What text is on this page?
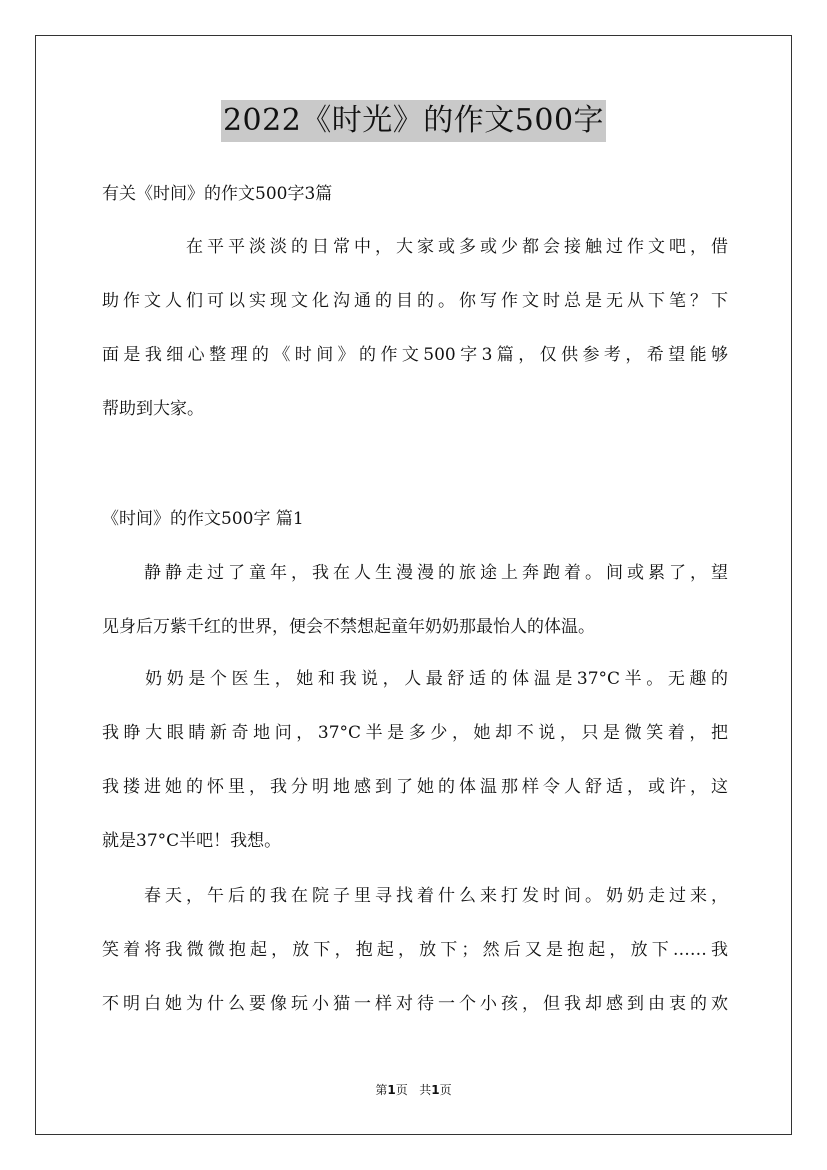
2022《时光》的作文500字
有关《时间》的作文500字3篇
　　　　在平平淡淡的日常中，大家或多或少都会接触过作文吧，借
助作文人们可以实现文化沟通的目的。你写作文时总是无从下笔？下
面是我细心整理的《时间》的作文500字3篇，仅供参考，希望能够
帮助到大家。
《时间》的作文500字 篇1
　　静静走过了童年，我在人生漫漫的旅途上奔跑着。间或累了，望
见身后万紫千红的世界，便会不禁想起童年奶奶那最怡人的体温。
　　奶奶是个医生，她和我说，人最舒适的体温是37°C半。无趣的
我睁大眼睛新奇地问，37°C半是多少，她却不说，只是微笑着，把
我搂进她的怀里，我分明地感到了她的体温那样令人舒适，或许，这
就是37°C半吧！我想。
　　春天，午后的我在院子里寻找着什么来打发时间。奶奶走过来，
笑着将我微微抱起，放下，抱起，放下；然后又是抱起，放下……我
不明白她为什么要像玩小猫一样对待一个小孩，但我却感到由衷的欢
第1页 共1页
